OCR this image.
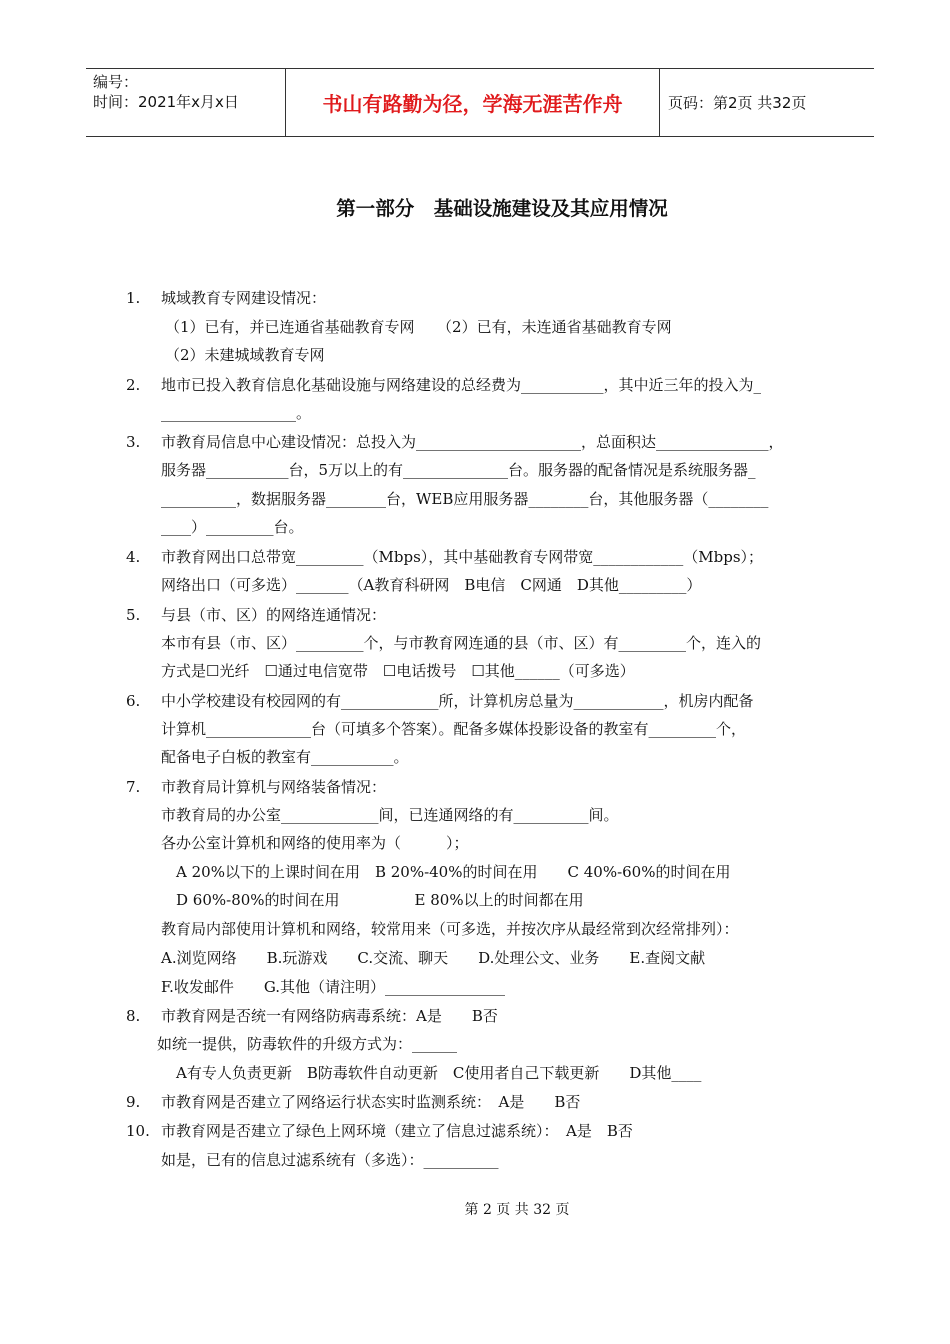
编号：
时间：2021年x月x日	书山有路勤为径，学海无涯苦作舟	页码：第2页 共32页
第一部分　基础设施建设及其应用情况
1. 城域教育专网建设情况：
（1）已有，并已连通省基础教育专网　　（2）已有，未连通省基础教育专网
（2）未建城域教育专网
2. 地市已投入教育信息化基础设施与网络建设的总经费为___________，其中近三年的投入为_
__________________。
3. 市教育局信息中心建设情况：总投入为______________________，总面积达_______________，
服务器___________台，5万以上的有______________台。服务器的配备情况是系统服务器_
__________，数据服务器________台，WEB应用服务器________台，其他服务器（________
____）_________台。
4. 市教育网出口总带宽_________（Mbps），其中基础教育专网带宽____________（Mbps）；
网络出口（可多选）_______（A教育科研网　B电信　C网通　D其他_________）
5. 与县（市、区）的网络连通情况：
本市有县（市、区）_________个，与市教育网连通的县（市、区）有_________个，连入的
方式是☐光纤　☐通过电信宽带　☐电话拨号　☐其他______（可多选）
6. 中小学校建设有校园网的有_____________所，计算机房总量为____________，机房内配备
计算机______________台（可填多个答案）。配备多媒体投影设备的教室有_________个，
配备电子白板的教室有___________。
7. 市教育局计算机与网络装备情况：
市教育局的办公室_____________间，已连通网络的有__________间。
各办公室计算机和网络的使用率为（　　　）；
　A 20%以下的上课时间在用　B 20%-40%的时间在用　　C 40%-60%的时间在用
　D 60%-80%的时间在用　　　　　E 80%以上的时间都在用
教育局内部使用计算机和网络，较常用来（可多选，并按次序从最经常到次经常排列）：
A.浏览网络　　B.玩游戏　　C.交流、聊天　　D.处理公文、业务　　E.查阅文献
F.收发邮件　　G.其他（请注明）________________
8. 市教育网是否统一有网络防病毒系统：A是　　B否
如统一提供，防毒软件的升级方式为：______
　A有专人负责更新　B防毒软件自动更新　C使用者自己下载更新　　D其他____
9. 市教育网是否建立了网络运行状态实时监测系统：　A是　　B否
10. 市教育网是否建立了绿色上网环境（建立了信息过滤系统）：　A是　B否
如是，已有的信息过滤系统有（多选）：__________
第 2 页 共 32 页
